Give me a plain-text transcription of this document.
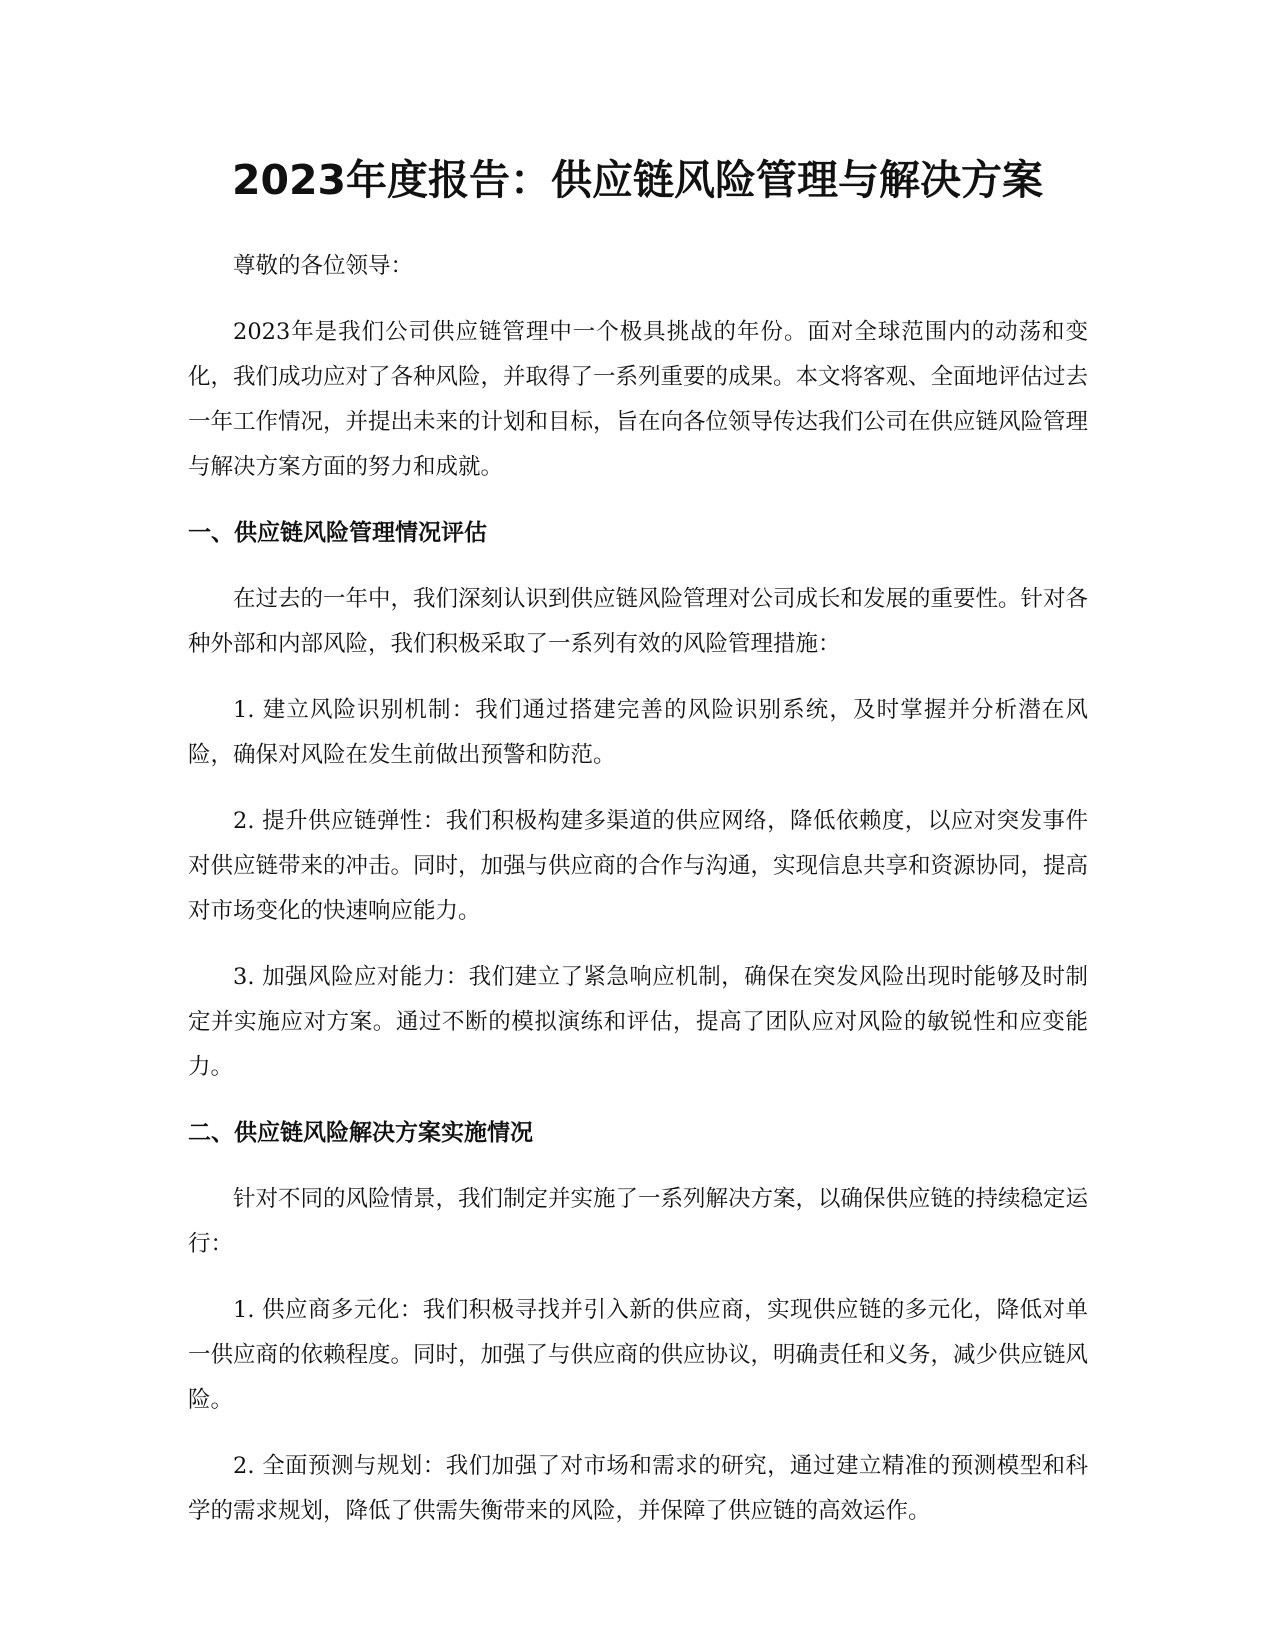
2023年度报告：供应链风险管理与解决方案

尊敬的各位领导：

2023年是我们公司供应链管理中一个极具挑战的年份。面对全球范围内的动荡和变化，我们成功应对了各种风险，并取得了一系列重要的成果。本文将客观、全面地评估过去一年工作情况，并提出未来的计划和目标，旨在向各位领导传达我们公司在供应链风险管理与解决方案方面的努力和成就。

一、供应链风险管理情况评估

在过去的一年中，我们深刻认识到供应链风险管理对公司成长和发展的重要性。针对各种外部和内部风险，我们积极采取了一系列有效的风险管理措施：

1. 建立风险识别机制：我们通过搭建完善的风险识别系统，及时掌握并分析潜在风险，确保对风险在发生前做出预警和防范。

2. 提升供应链弹性：我们积极构建多渠道的供应网络，降低依赖度，以应对突发事件对供应链带来的冲击。同时，加强与供应商的合作与沟通，实现信息共享和资源协同，提高对市场变化的快速响应能力。

3. 加强风险应对能力：我们建立了紧急响应机制，确保在突发风险出现时能够及时制定并实施应对方案。通过不断的模拟演练和评估，提高了团队应对风险的敏锐性和应变能力。

二、供应链风险解决方案实施情况

针对不同的风险情景，我们制定并实施了一系列解决方案，以确保供应链的持续稳定运行：

1. 供应商多元化：我们积极寻找并引入新的供应商，实现供应链的多元化，降低对单一供应商的依赖程度。同时，加强了与供应商的供应协议，明确责任和义务，减少供应链风险。

2. 全面预测与规划：我们加强了对市场和需求的研究，通过建立精准的预测模型和科学的需求规划，降低了供需失衡带来的风险，并保障了供应链的高效运作。
